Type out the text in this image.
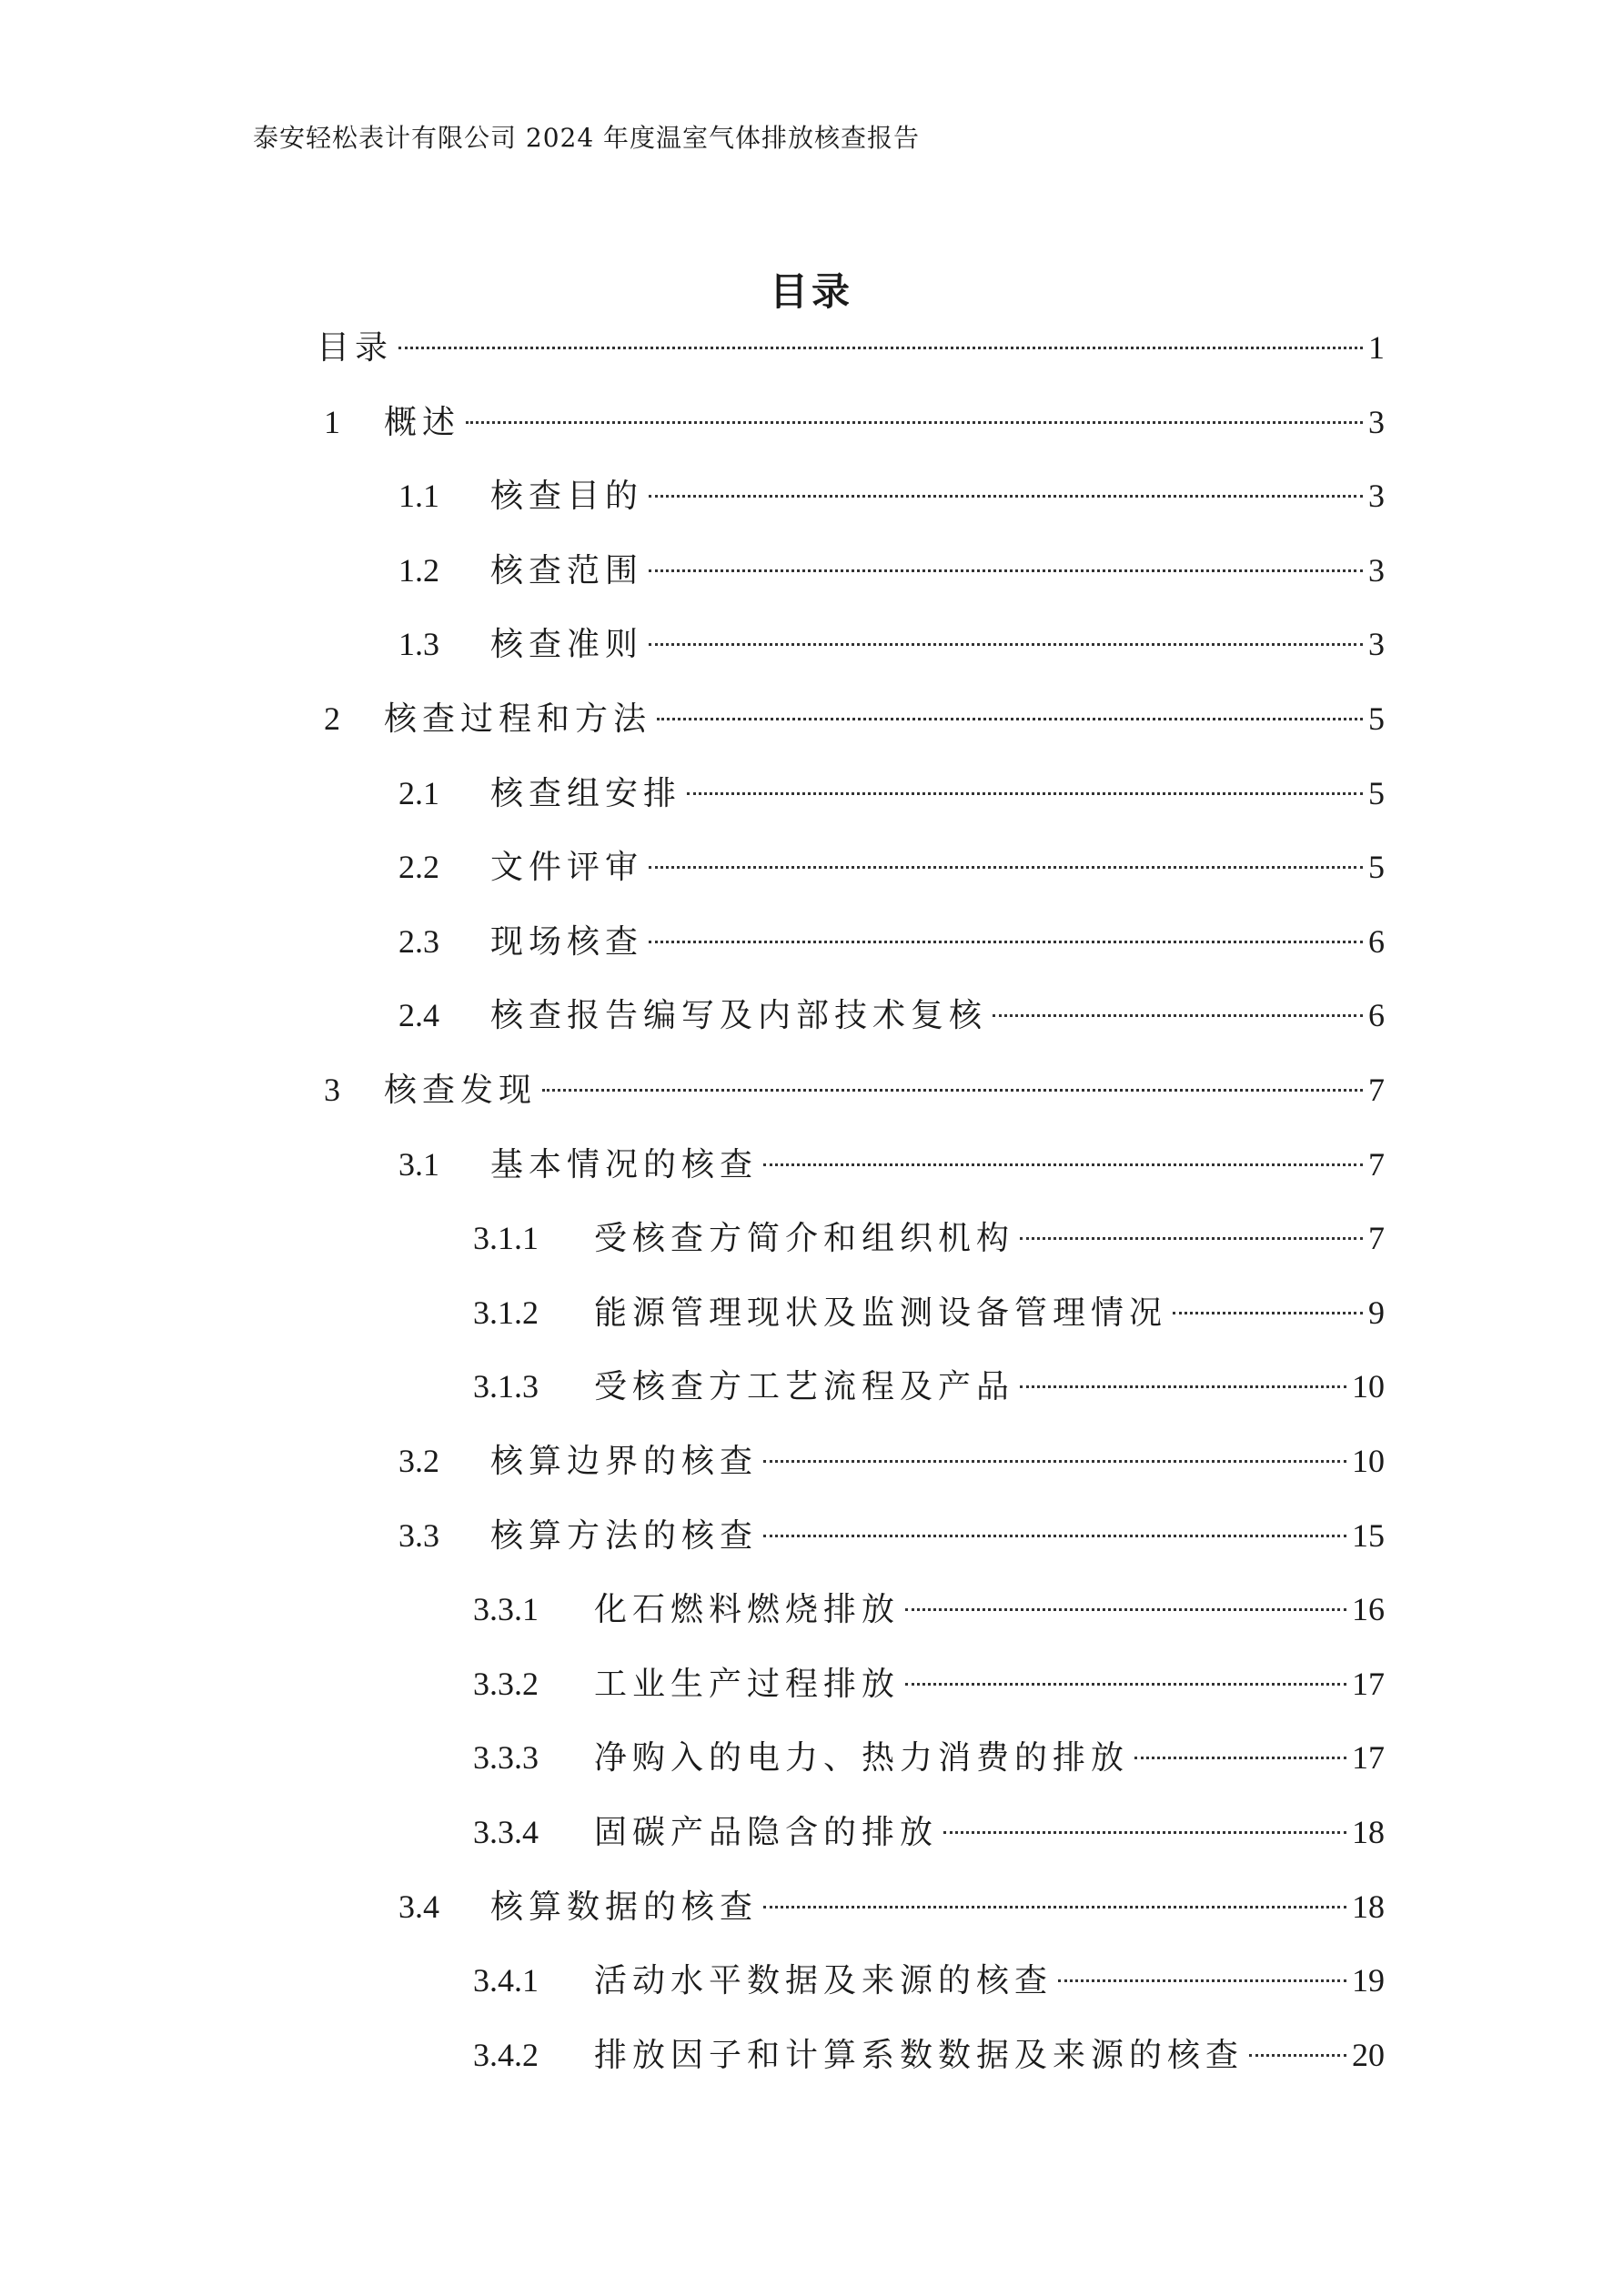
泰安轻松表计有限公司 2024 年度温室气体排放核查报告
目录
目录	1
1	概述	3
1.1	核查目的	3
1.2	核查范围	3
1.3	核查准则	3
2	核查过程和方法	5
2.1	核查组安排	5
2.2	文件评审	5
2.3	现场核查	6
2.4	核查报告编写及内部技术复核	6
3	核查发现	7
3.1	基本情况的核查	7
3.1.1	受核查方简介和组织机构	7
3.1.2	能源管理现状及监测设备管理情况	9
3.1.3	受核查方工艺流程及产品	10
3.2	核算边界的核查	10
3.3	核算方法的核查	15
3.3.1	化石燃料燃烧排放	16
3.3.2	工业生产过程排放	17
3.3.3	净购入的电力、热力消费的排放	17
3.3.4	固碳产品隐含的排放	18
3.4	核算数据的核查	18
3.4.1	活动水平数据及来源的核查	19
3.4.2	排放因子和计算系数数据及来源的核查	20
